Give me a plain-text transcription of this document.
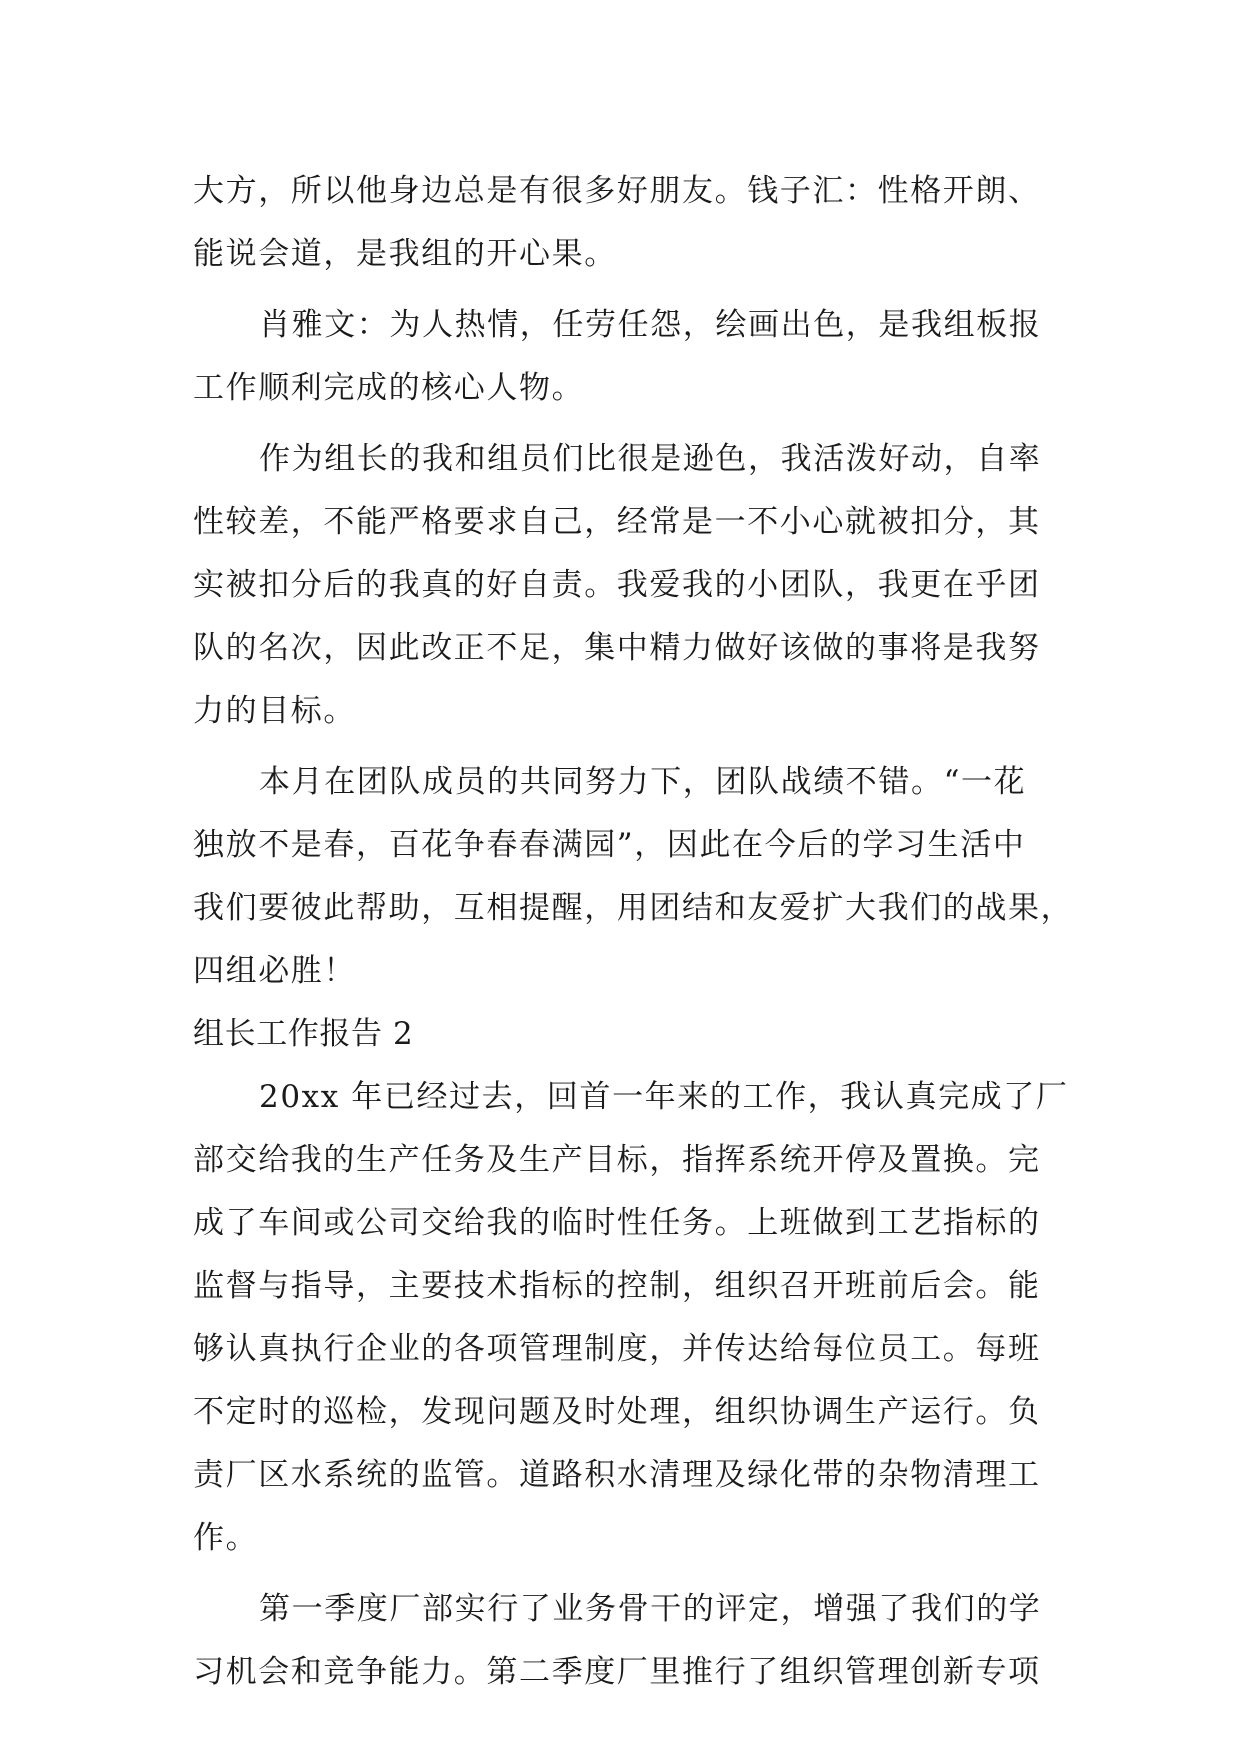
大方，所以他身边总是有很多好朋友。钱子汇：性格开朗、
能说会道，是我组的开心果。
肖雅文：为人热情，任劳任怨，绘画出色，是我组板报
工作顺利完成的核心人物。
作为组长的我和组员们比很是逊色，我活泼好动，自率
性较差，不能严格要求自己，经常是一不小心就被扣分，其
实被扣分后的我真的好自责。我爱我的小团队，我更在乎团
队的名次，因此改正不足，集中精力做好该做的事将是我努
力的目标。
本月在团队成员的共同努力下，团队战绩不错。“一花
独放不是春，百花争春春满园”，因此在今后的学习生活中
我们要彼此帮助，互相提醒，用团结和友爱扩大我们的战果，
四组必胜！
组长工作报告 2
20xx 年已经过去，回首一年来的工作，我认真完成了厂
部交给我的生产任务及生产目标，指挥系统开停及置换。完
成了车间或公司交给我的临时性任务。上班做到工艺指标的
监督与指导，主要技术指标的控制，组织召开班前后会。能
够认真执行企业的各项管理制度，并传达给每位员工。每班
不定时的巡检，发现问题及时处理，组织协调生产运行。负
责厂区水系统的监管。道路积水清理及绿化带的杂物清理工
作。
第一季度厂部实行了业务骨干的评定，增强了我们的学
习机会和竞争能力。第二季度厂里推行了组织管理创新专项
